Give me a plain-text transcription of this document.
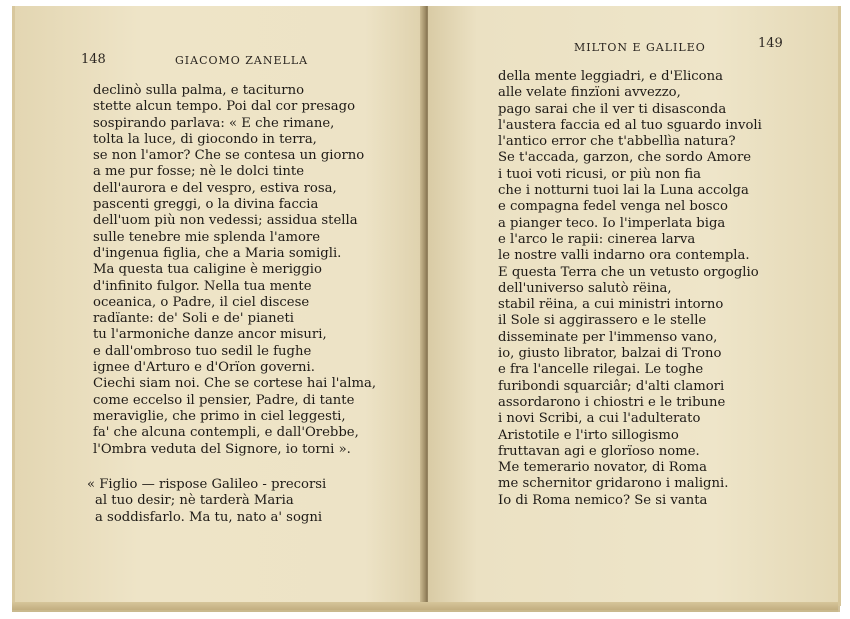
148	GIACOMO ZANELLA
declinò sulla palma, e taciturno
stette alcun tempo. Poi dal cor presago
sospirando parlava: « E che rimane,
tolta la luce, di giocondo in terra,
se non l'amor? Che se contesa un giorno
a me pur fosse; nè le dolci tinte
dell'aurora e del vespro, estiva rosa,
pascenti greggi, o la divina faccia
dell'uom più non vedessi; assidua stella
sulle tenebre mie splenda l'amore
d'ingenua figlia, che a Maria somigli.
Ma questa tua caligine è meriggio
d'infinito fulgor. Nella tua mente
oceanica, o Padre, il ciel discese
radïante: de' Soli e de' pianeti
tu l'armoniche danze ancor misuri,
e dall'ombroso tuo sedil le fughe
ignee d'Arturo e d'Orïon governi.
Ciechi siam noi. Che se cortese hai l'alma,
come eccelso il pensier, Padre, di tante
meraviglie, che primo in ciel leggesti,
fa' che alcuna contempli, e dall'Orebbe,
l'Ombra veduta del Signore, io torni ».
« Figlio — rispose Galileo - precorsi
al tuo desir; nè tarderà Maria
a soddisfarlo. Ma tu, nato a' sogni
MILTON E GALILEO	149
della mente leggiadri, e d'Elicona
alle velate finzïoni avvezzo,
pago sarai che il ver ti disasconda
l'austera faccia ed al tuo sguardo involi
l'antico error che t'abbellìa natura?
Se t'accada, garzon, che sordo Amore
i tuoi voti ricusi, or più non fia
che i notturni tuoi lai la Luna accolga
e compagna fedel venga nel bosco
a pianger teco. Io l'imperlata biga
e l'arco le rapii: cinerea larva
le nostre valli indarno ora contempla.
E questa Terra che un vetusto orgoglio
dell'universo salutò rëina,
stabil rëina, a cui ministri intorno
il Sole si aggirassero e le stelle
disseminate per l'immenso vano,
io, giusto librator, balzai di Trono
e fra l'ancelle rilegai. Le toghe
furibondi squarciâr; d'alti clamori
assordarono i chiostri e le tribune
i novi Scribi, a cui l'adulterato
Aristotile e l'irto sillogismo
fruttavan agi e glorïoso nome.
Me temerario novator, di Roma
me schernitor gridarono i maligni.
Io di Roma nemico? Se si vanta
